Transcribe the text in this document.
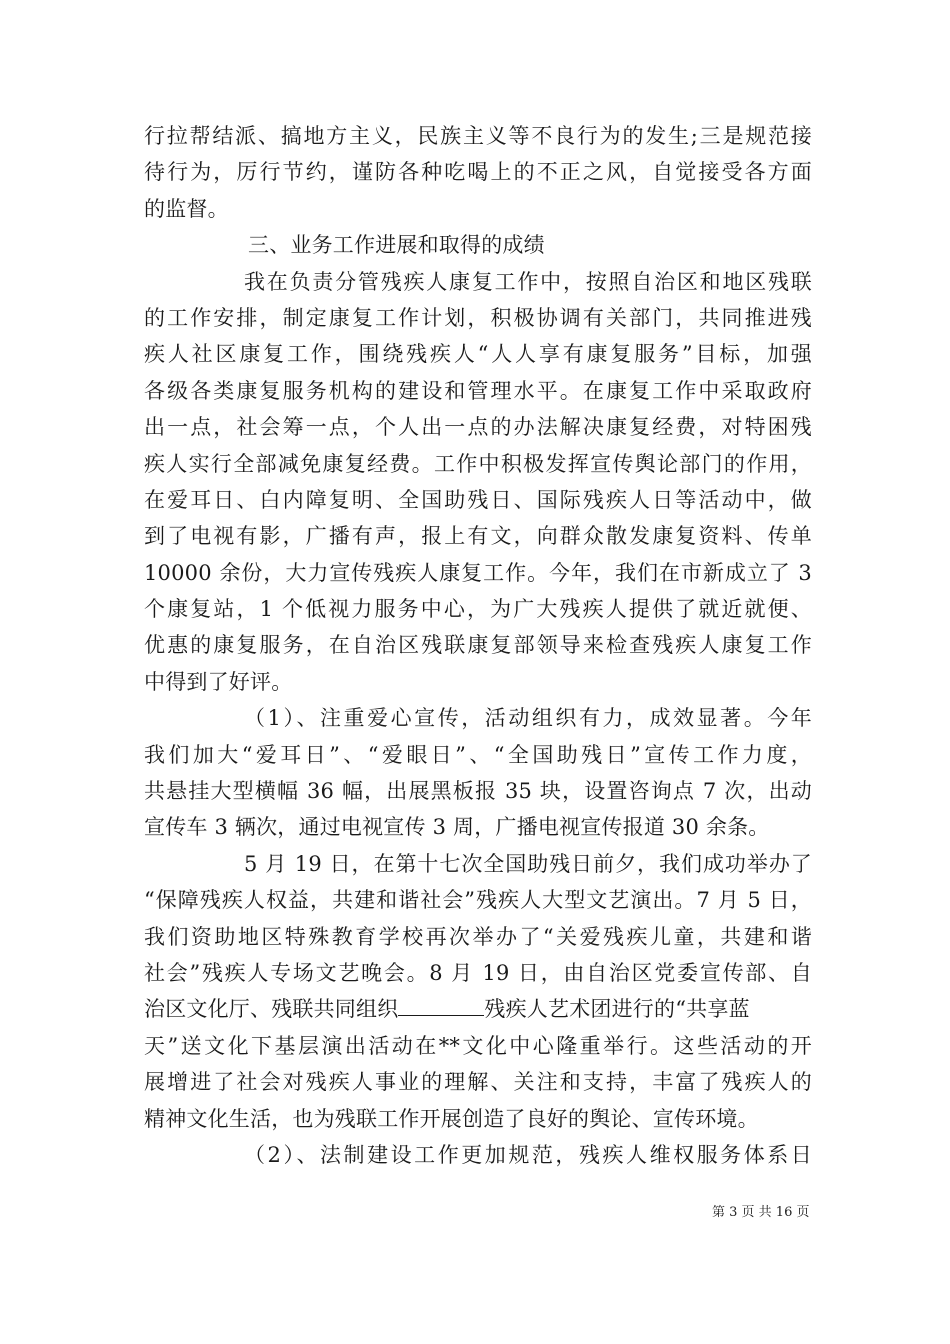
行拉帮结派、搞地方主义，民族主义等不良行为的发生;三是规范接
待行为，厉行节约，谨防各种吃喝上的不正之风，自觉接受各方面
的监督。
三、业务工作进展和取得的成绩
我在负责分管残疾人康复工作中，按照自治区和地区残联
的工作安排，制定康复工作计划，积极协调有关部门，共同推进残
疾人社区康复工作，围绕残疾人“人人享有康复服务”目标，加强
各级各类康复服务机构的建设和管理水平。在康复工作中采取政府
出一点，社会筹一点，个人出一点的办法解决康复经费，对特困残
疾人实行全部减免康复经费。工作中积极发挥宣传舆论部门的作用，
在爱耳日、白内障复明、全国助残日、国际残疾人日等活动中，做
到了电视有影，广播有声，报上有文，向群众散发康复资料、传单
10000 余份，大力宣传残疾人康复工作。今年，我们在市新成立了 3
个康复站，1 个低视力服务中心，为广大残疾人提供了就近就便、
优惠的康复服务，在自治区残联康复部领导来检查残疾人康复工作
中得到了好评。
（1）、注重爱心宣传，活动组织有力，成效显著。今年
我们加大“爱耳日”、“爱眼日”、“全国助残日”宣传工作力度，
共悬挂大型横幅 36 幅，出展黑板报 35 块，设置咨询点 7 次，出动
宣传车 3 辆次，通过电视宣传 3 周，广播电视宣传报道 30 余条。
5 月 19 日，在第十七次全国助残日前夕，我们成功举办了
“保障残疾人权益，共建和谐社会”残疾人大型文艺演出。7 月 5 日，
我们资助地区特殊教育学校再次举办了“关爱残疾儿童，共建和谐
社会”残疾人专场文艺晚会。8 月 19 日，由自治区党委宣传部、自
治区文化厅、残联共同组织	残疾人艺术团进行的“共享蓝
天”送文化下基层演出活动在**文化中心隆重举行。这些活动的开
展增进了社会对残疾人事业的理解、关注和支持，丰富了残疾人的
精神文化生活，也为残联工作开展创造了良好的舆论、宣传环境。
（2）、法制建设工作更加规范，残疾人维权服务体系日
第 3 页 共 16 页
